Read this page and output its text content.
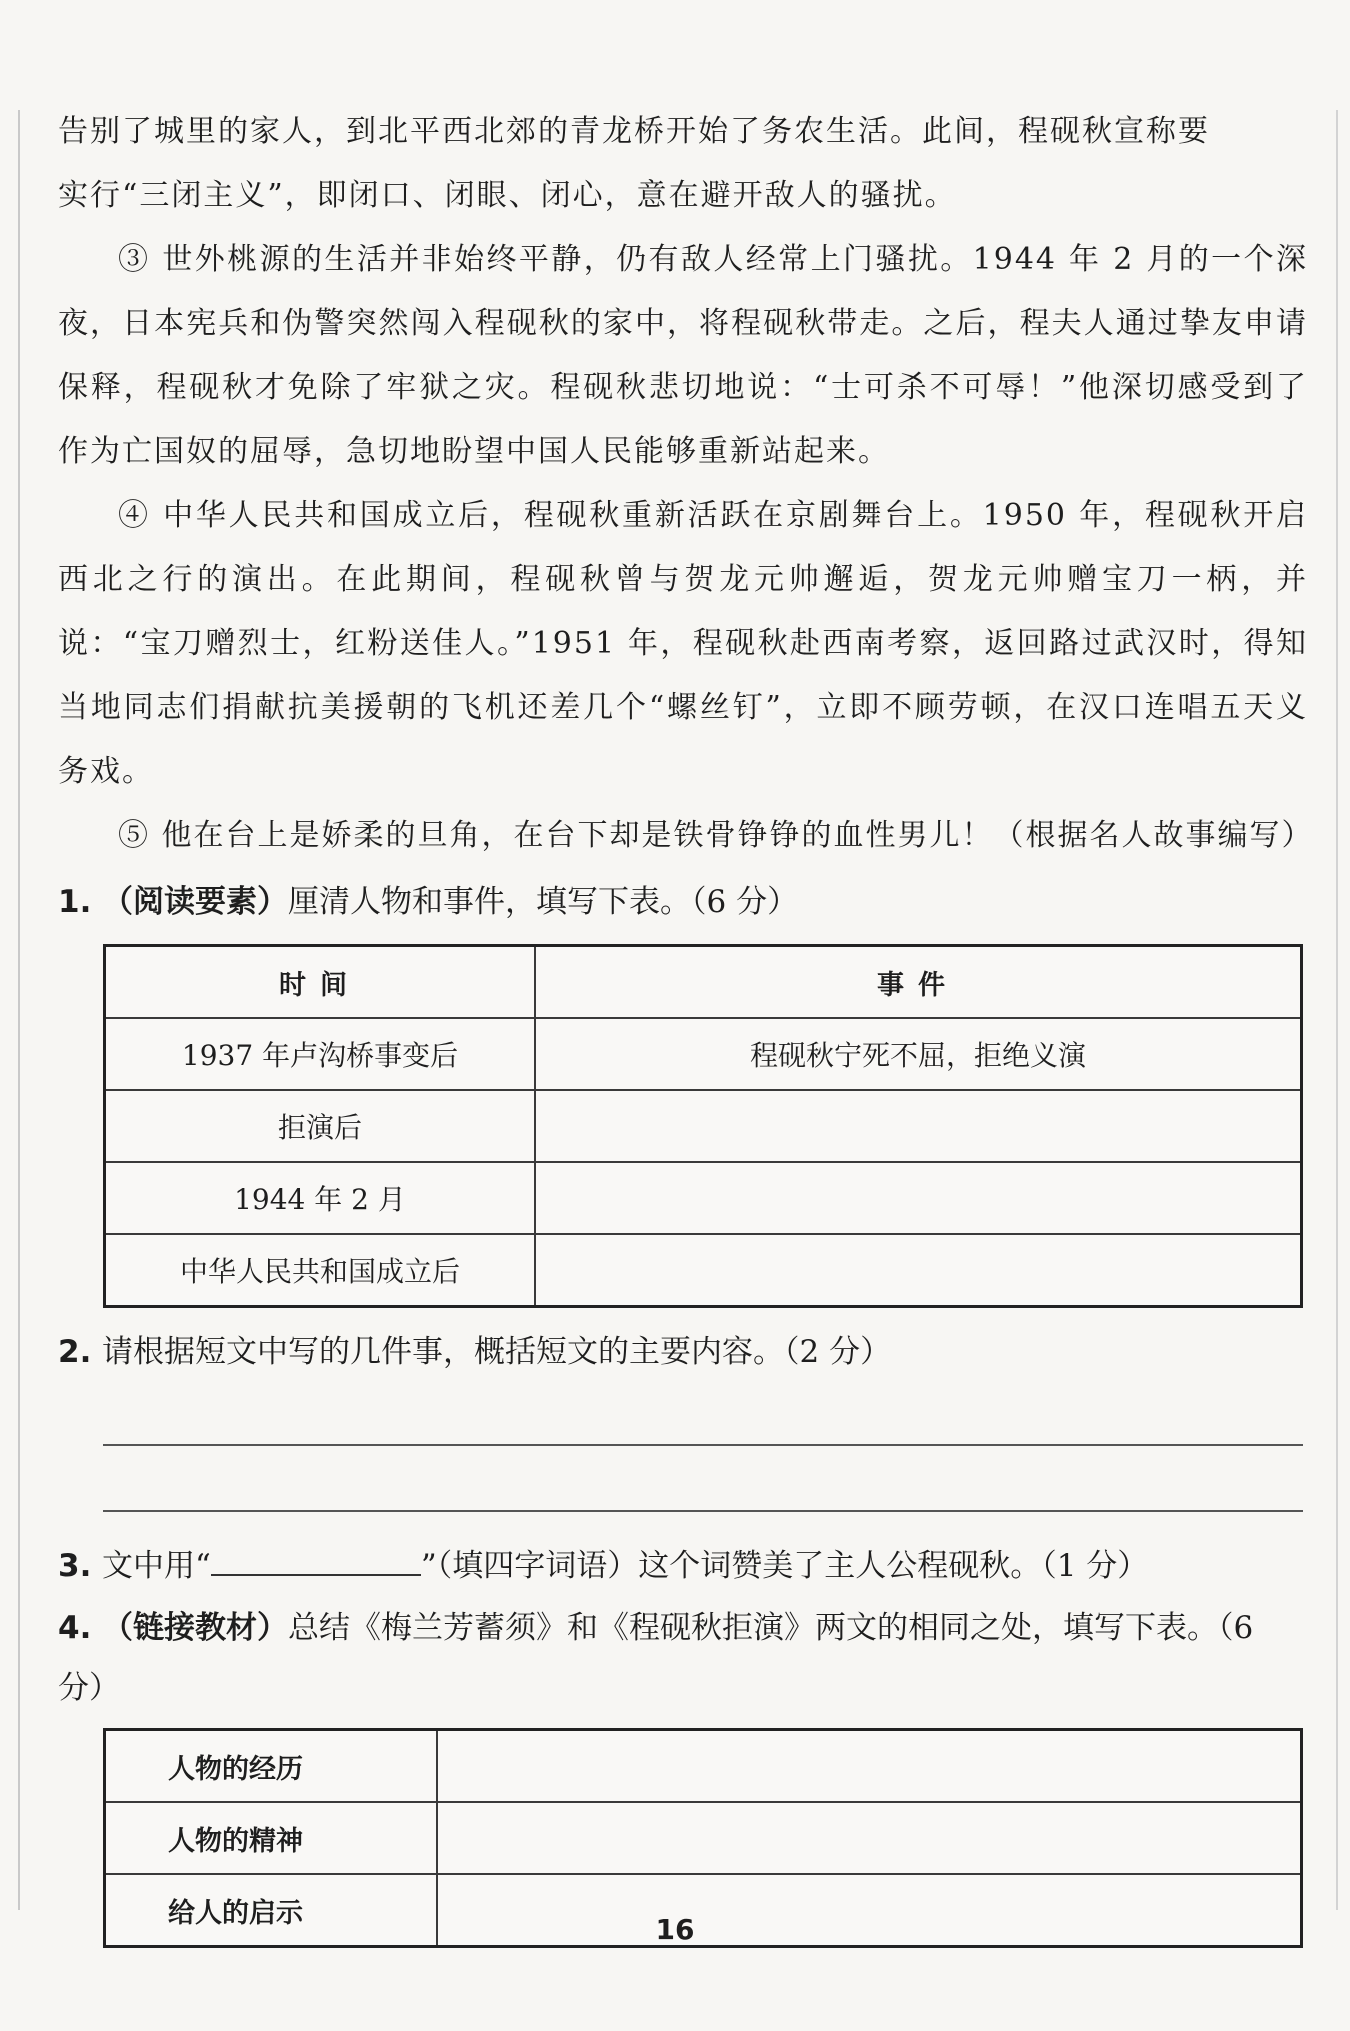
告别了城里的家人，到北平西北郊的青龙桥开始了务农生活。此间，程砚秋宣称要

实行“三闭主义”，即闭口、闭眼、闭心，意在避开敌人的骚扰。

③ 世外桃源的生活并非始终平静，仍有敌人经常上门骚扰。1944 年 2 月的一个深夜，日本宪兵和伪警突然闯入程砚秋的家中，将程砚秋带走。之后，程夫人通过挚友申请保释，程砚秋才免除了牢狱之灾。程砚秋悲切地说：“士可杀不可辱！”他深切感受到了作为亡国奴的屈辱，急切地盼望中国人民能够重新站起来。

④ 中华人民共和国成立后，程砚秋重新活跃在京剧舞台上。1950 年，程砚秋开启西北之行的演出。在此期间，程砚秋曾与贺龙元帅邂逅，贺龙元帅赠宝刀一柄，并说：“宝刀赠烈士，红粉送佳人。”1951 年，程砚秋赴西南考察，返回路过武汉时，得知当地同志们捐献抗美援朝的飞机还差几个“螺丝钉”，立即不顾劳顿，在汉口连唱五天义务戏。

⑤ 他在台上是娇柔的旦角，在台下却是铁骨铮铮的血性男儿！（根据名人故事编写）

1. （阅读要素）厘清人物和事件，填写下表。（6 分）
时间	事件
1937 年卢沟桥事变后	程砚秋宁死不屈，拒绝义演
拒演后	
1944 年 2 月	
中华人民共和国成立后	
2. 请根据短文中写的几件事，概括短文的主要内容。（2 分）
3. 文中用“	”（填四字词语）这个词赞美了主人公程砚秋。（1 分）
4. （链接教材）总结《梅兰芳蓄须》和《程砚秋拒演》两文的相同之处，填写下表。（6 分）
人物的经历	
人物的精神	
给人的启示		16
